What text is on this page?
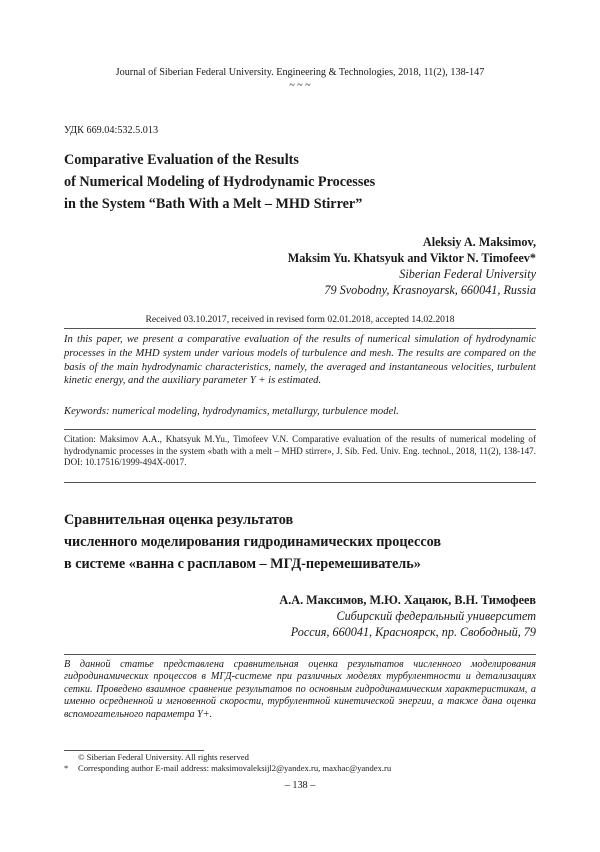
Journal of Siberian Federal University. Engineering & Technologies, 2018, 11(2), 138-147
~ ~ ~
УДК 669.04:532.5.013
Comparative Evaluation of the Results
of Numerical Modeling of Hydrodynamic Processes
in the System “Bath With a Melt – MHD Stirrer”
Aleksiy A. Maksimov,
Maksim Yu. Khatsyuk and Viktor N. Timofeev*
Siberian Federal University
79 Svobodny, Krasnoyarsk, 660041, Russia
Received 03.10.2017, received in revised form 02.01.2018, accepted 14.02.2018
In this paper, we present a comparative evaluation of the results of numerical simulation of hydrodynamic processes in the MHD system under various models of turbulence and mesh. The results are compared on the basis of the main hydrodynamic characteristics, namely, the averaged and instantaneous velocities, turbulent kinetic energy, and the auxiliary parameter Y + is estimated.
Keywords: numerical modeling, hydrodynamics, metallurgy, turbulence model.
Citation: Maksimov A.A., Khatsyuk M.Yu., Timofeev V.N. Comparative evaluation of the results of numerical modeling of hydrodynamic processes in the system «bath with a melt – MHD stirrer», J. Sib. Fed. Univ. Eng. technol., 2018, 11(2), 138-147. DOI: 10.17516/1999-494X-0017.
Сравнительная оценка результатов
численного моделирования гидродинамических процессов
в системе «ванна с расплавом – МГД-перемешиватель»
А.А. Максимов, М.Ю. Хацаюк, В.Н. Тимофеев
Сибирский федеральный университет
Россия, 660041, Красноярск, пр. Свободный, 79
В данной статье представлена сравнительная оценка результатов численного моделирования гидродинамических процессов в МГД-системе при различных моделях турбулентности и детализациях сетки. Проведено взаимное сравнение результатов по основным гидродинамическим характеристикам, а именно осредненной и мгновенной скорости, турбулентной кинетической энергии, а также дана оценка вспомогательного параметра Y+.
© Siberian Federal University. All rights reserved
*	Corresponding author E-mail address: maksimovaleksijl2@yandex.ru, maxhac@yandex.ru
– 138 –
